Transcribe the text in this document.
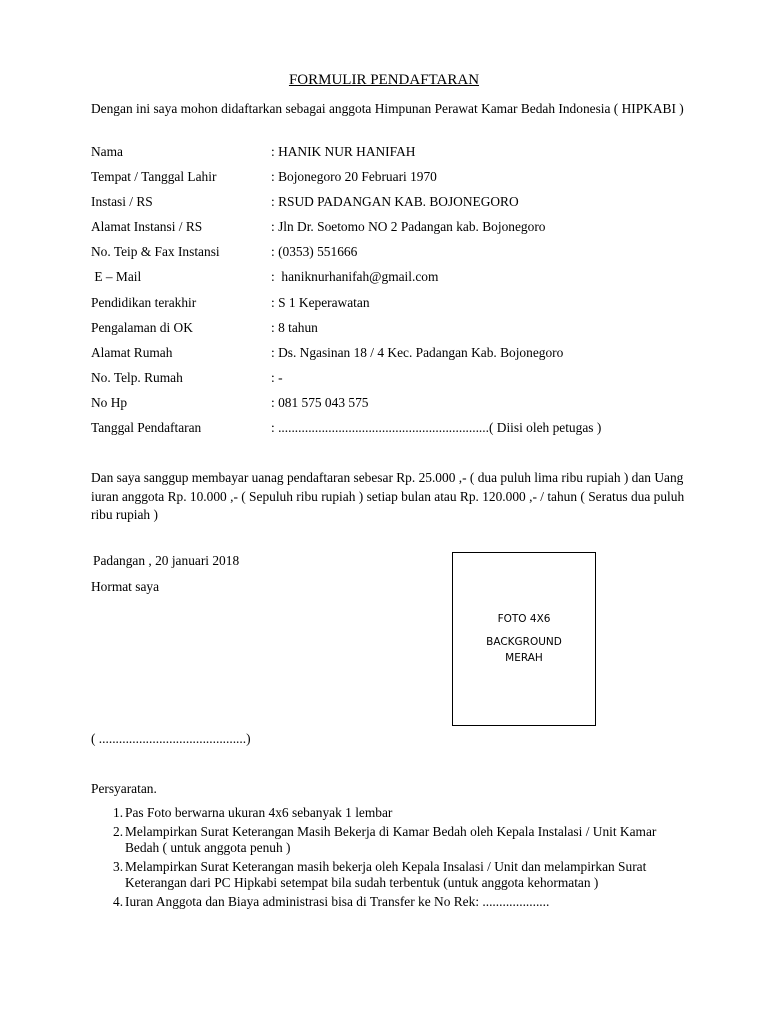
FORMULIR PENDAFTARAN
Dengan ini saya mohon didaftarkan sebagai anggota Himpunan Perawat Kamar Bedah Indonesia ( HIPKABI )
Nama	: HANIK NUR HANIFAH
Tempat / Tanggal Lahir	: Bojonegoro 20 Februari 1970
Instasi / RS	: RSUD PADANGAN KAB. BOJONEGORO
Alamat Instansi / RS	: Jln Dr. Soetomo NO 2 Padangan kab. Bojonegoro
No. Teip & Fax Instansi	: (0353) 551666
E – Mail	:  haniknurhanifah@gmail.com
Pendidikan terakhir	: S 1 Keperawatan
Pengalaman di OK	: 8 tahun
Alamat Rumah	: Ds. Ngasinan 18 / 4 Kec. Padangan Kab. Bojonegoro
No. Telp. Rumah	: -
No Hp	: 081 575 043 575
Tanggal Pendaftaran	: ...............................................................( Diisi oleh petugas )
Dan saya sanggup membayar uanag pendaftaran sebesar Rp. 25.000 ,- ( dua puluh lima ribu rupiah ) dan Uang iuran anggota Rp. 10.000 ,- ( Sepuluh ribu rupiah ) setiap bulan atau Rp. 120.000 ,- / tahun ( Seratus dua puluh ribu rupiah )
Padangan , 20 januari 2018
Hormat saya
FOTO 4X6
BACKGROUND MERAH
( ............................................)
Persyaratan.
1. Pas Foto berwarna ukuran 4x6 sebanyak 1 lembar
2. Melampirkan Surat Keterangan Masih Bekerja di Kamar Bedah oleh Kepala Instalasi / Unit Kamar Bedah ( untuk anggota penuh )
3. Melampirkan Surat Keterangan masih bekerja oleh Kepala Insalasi / Unit dan melampirkan Surat Keterangan dari PC Hipkabi setempat bila sudah terbentuk (untuk anggota kehormatan )
4. Iuran Anggota dan Biaya administrasi bisa di Transfer ke No Rek: ....................
